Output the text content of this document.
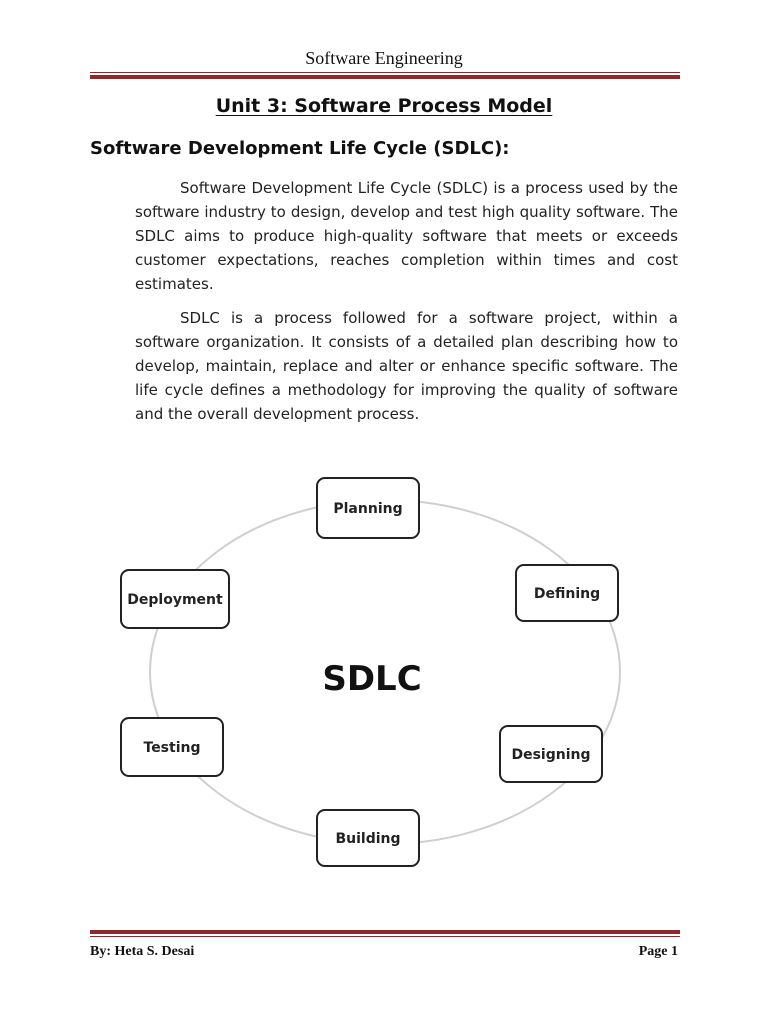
Software Engineering
Unit 3: Software Process Model
Software Development Life Cycle (SDLC):

Software Development Life Cycle (SDLC) is a process used by the software industry to design, develop and test high quality software. The SDLC aims to produce high-quality software that meets or exceeds customer expectations, reaches completion within times and cost estimates.

SDLC is a process followed for a software project, within a software organization. It consists of a detailed plan describing how to develop, maintain, replace and alter or enhance specific software. The life cycle defines a methodology for improving the quality of software and the overall development process.

Planning
Defining
Designing
Building
Testing
Deployment
SDLC
By: Heta S. Desai	Page 1
